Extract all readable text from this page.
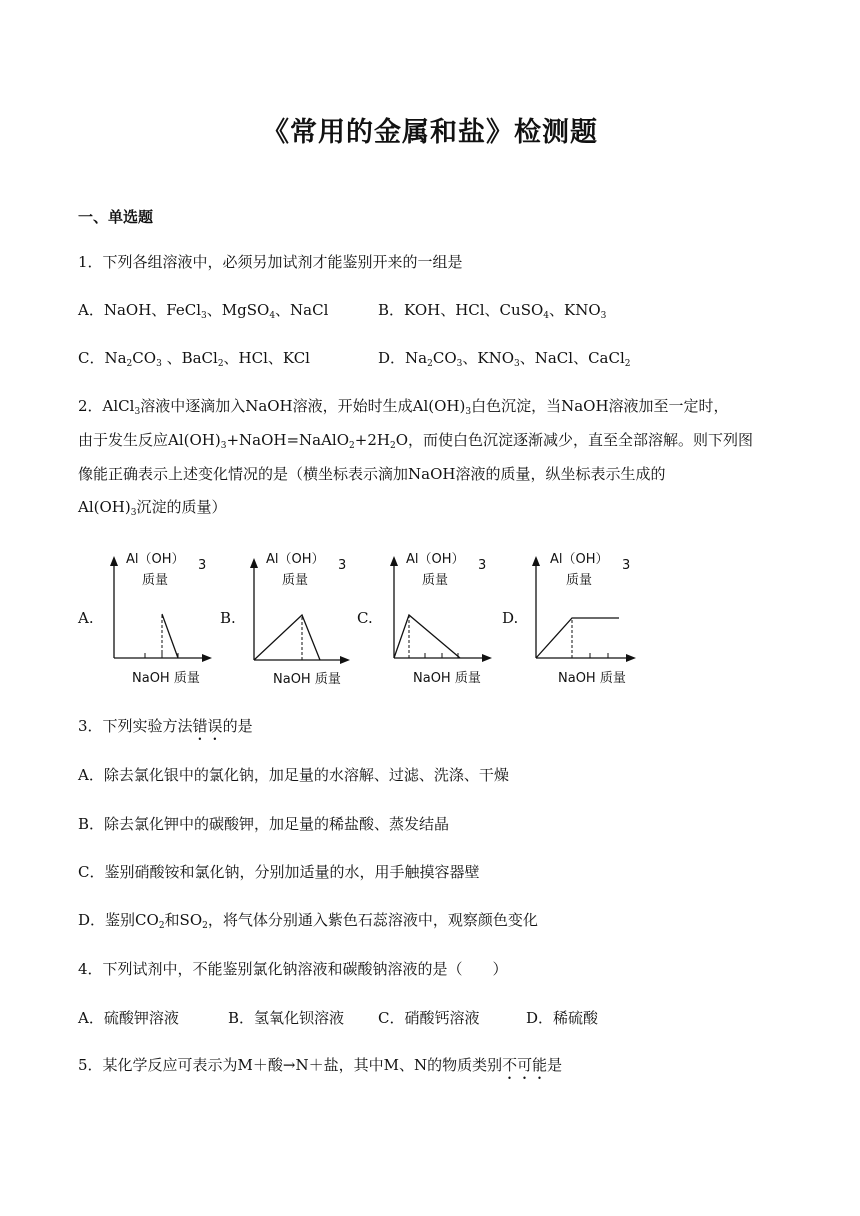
《常用的金属和盐》检测题
一、单选题
1．下列各组溶液中，必须另加试剂才能鉴别开来的一组是
A．NaOH、FeCl$_3$、MgSO$_4$、NaCl	B．KOH、HCl、CuSO$_4$、$KNO_3$
C．$Na_2CO_3$ 、BaCl$_2$、HCl、KCl	D．$Na_2CO_3$、$KNO_3$、NaCl、CaCl$_2$
2．AlCl$_3$溶液中逐滴加入NaOH溶液，开始时生成$Al(OH)_3$白色沉淀，当NaOH溶液加至一定时，
由于发生反应$Al(OH)_3+NaOH=NaAlO_2+2H_2O$，而使白色沉淀逐渐减少，直至全部溶解。则下列图
像能正确表示上述变化情况的是（横坐标表示滴加NaOH溶液的质量，纵坐标表示生成的
$Al(OH)_3$沉淀的质量）
A.	B.	C.	D.
Al（OH） 3
质量
NaOH 质量
Al（OH） 3
质量
NaOH 质量
Al（OH） 3
质量
NaOH 质量
Al（OH） 3
质量
NaOH 质量
3．下列实验方法错误的是
A．除去氯化银中的氯化钠，加足量的水溶解、过滤、洗涤、干燥
B．除去氯化钾中的碳酸钾，加足量的稀盐酸、蒸发结晶
C．鉴别硝酸铵和氯化钠，分别加适量的水，用手触摸容器壁
D．鉴别$CO_2$和$SO_2$，将气体分别通入紫色石蕊溶液中，观察颜色变化
4．下列试剂中，不能鉴别氯化钠溶液和碳酸钠溶液的是（　　）
A．硫酸钾溶液	B．氢氧化钡溶液 C．硝酸钙溶液	D．稀硫酸
5．某化学反应可表示为M＋酸→N＋盐，其中M、N的物质类别不可能是
